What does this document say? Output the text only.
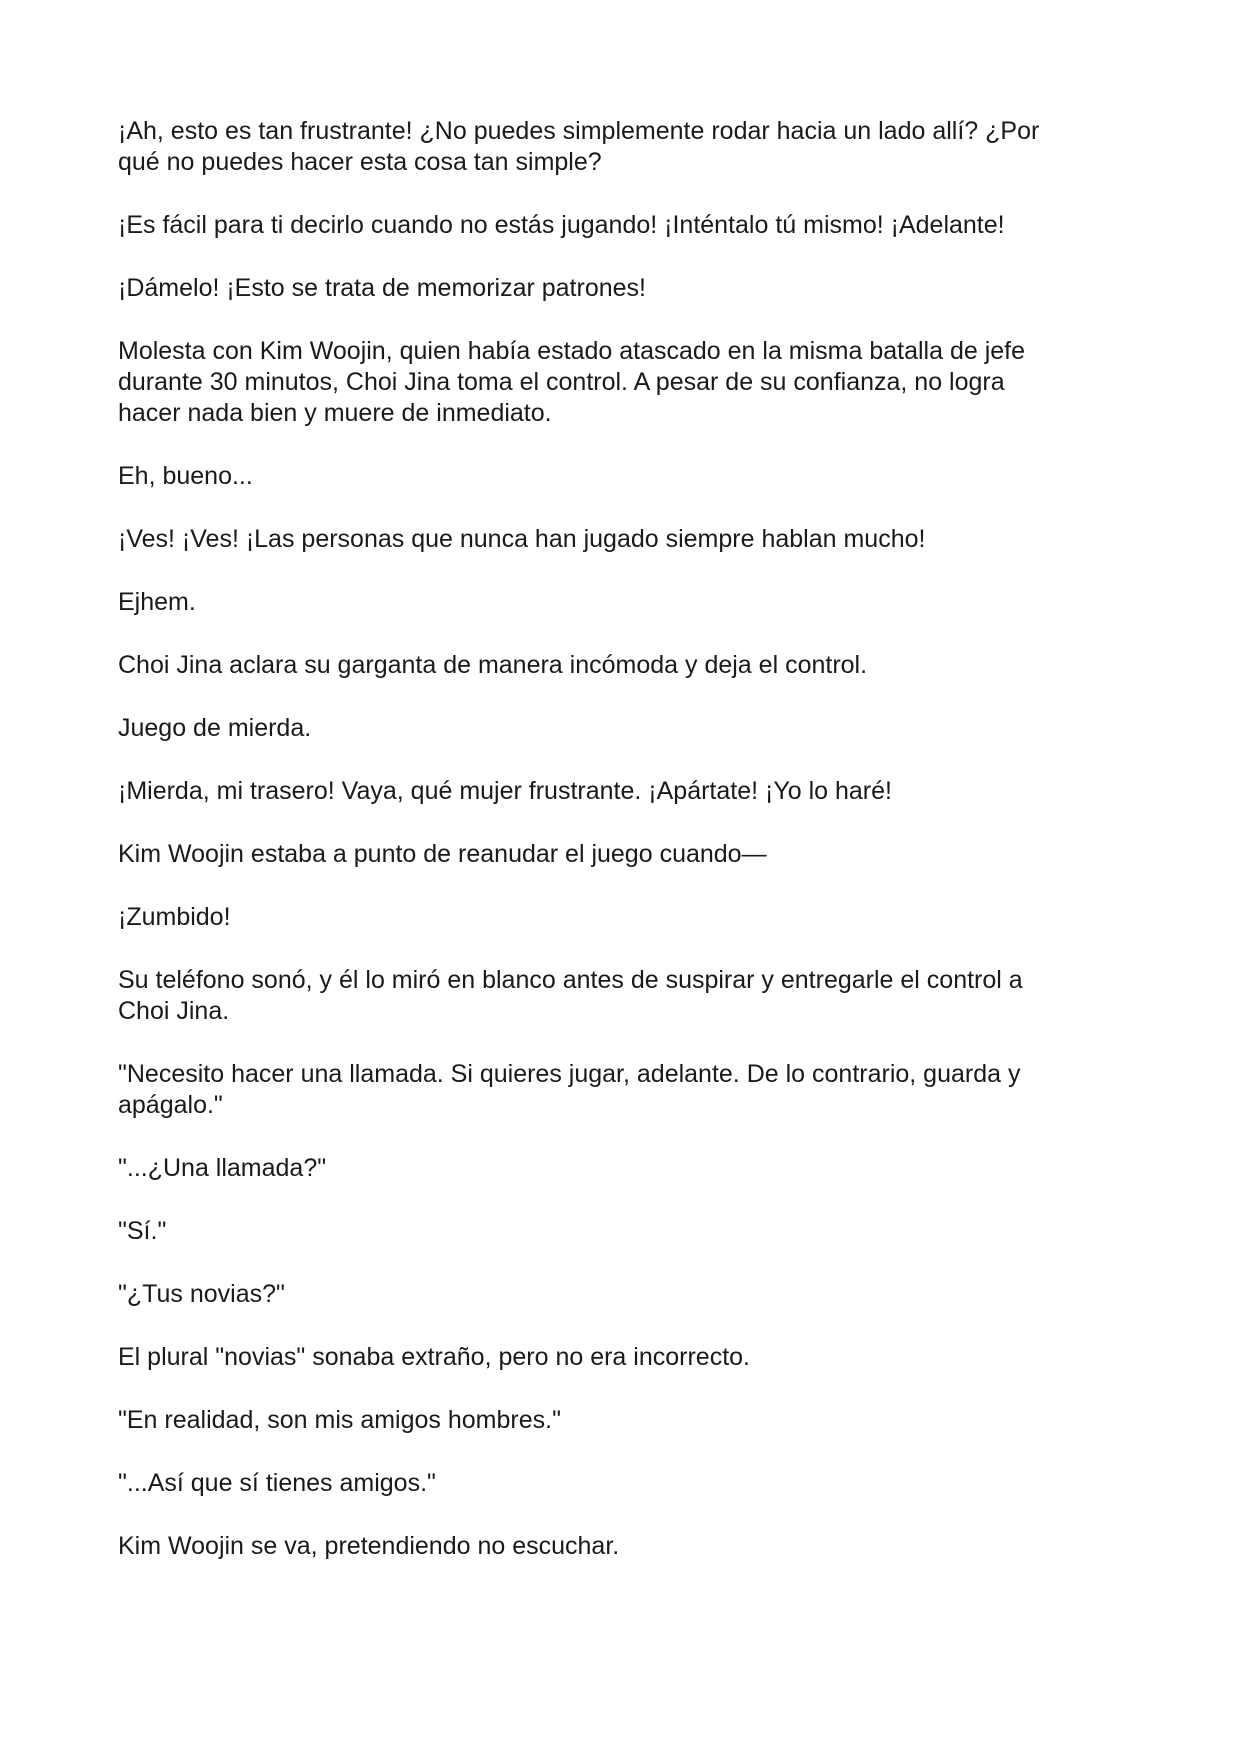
¡Ah, esto es tan frustrante! ¿No puedes simplemente rodar hacia un lado allí? ¿Por
qué no puedes hacer esta cosa tan simple?

¡Es fácil para ti decirlo cuando no estás jugando! ¡Inténtalo tú mismo! ¡Adelante!

¡Dámelo! ¡Esto se trata de memorizar patrones!

Molesta con Kim Woojin, quien había estado atascado en la misma batalla de jefe
durante 30 minutos, Choi Jina toma el control. A pesar de su confianza, no logra
hacer nada bien y muere de inmediato.

Eh, bueno...

¡Ves! ¡Ves! ¡Las personas que nunca han jugado siempre hablan mucho!

Ejhem.

Choi Jina aclara su garganta de manera incómoda y deja el control.

Juego de mierda.

¡Mierda, mi trasero! Vaya, qué mujer frustrante. ¡Apártate! ¡Yo lo haré!

Kim Woojin estaba a punto de reanudar el juego cuando—

¡Zumbido!

Su teléfono sonó, y él lo miró en blanco antes de suspirar y entregarle el control a
Choi Jina.

"Necesito hacer una llamada. Si quieres jugar, adelante. De lo contrario, guarda y
apágalo."

"...¿Una llamada?"

"Sí."

"¿Tus novias?"

El plural "novias" sonaba extraño, pero no era incorrecto.

"En realidad, son mis amigos hombres."

"...Así que sí tienes amigos."

Kim Woojin se va, pretendiendo no escuchar.
